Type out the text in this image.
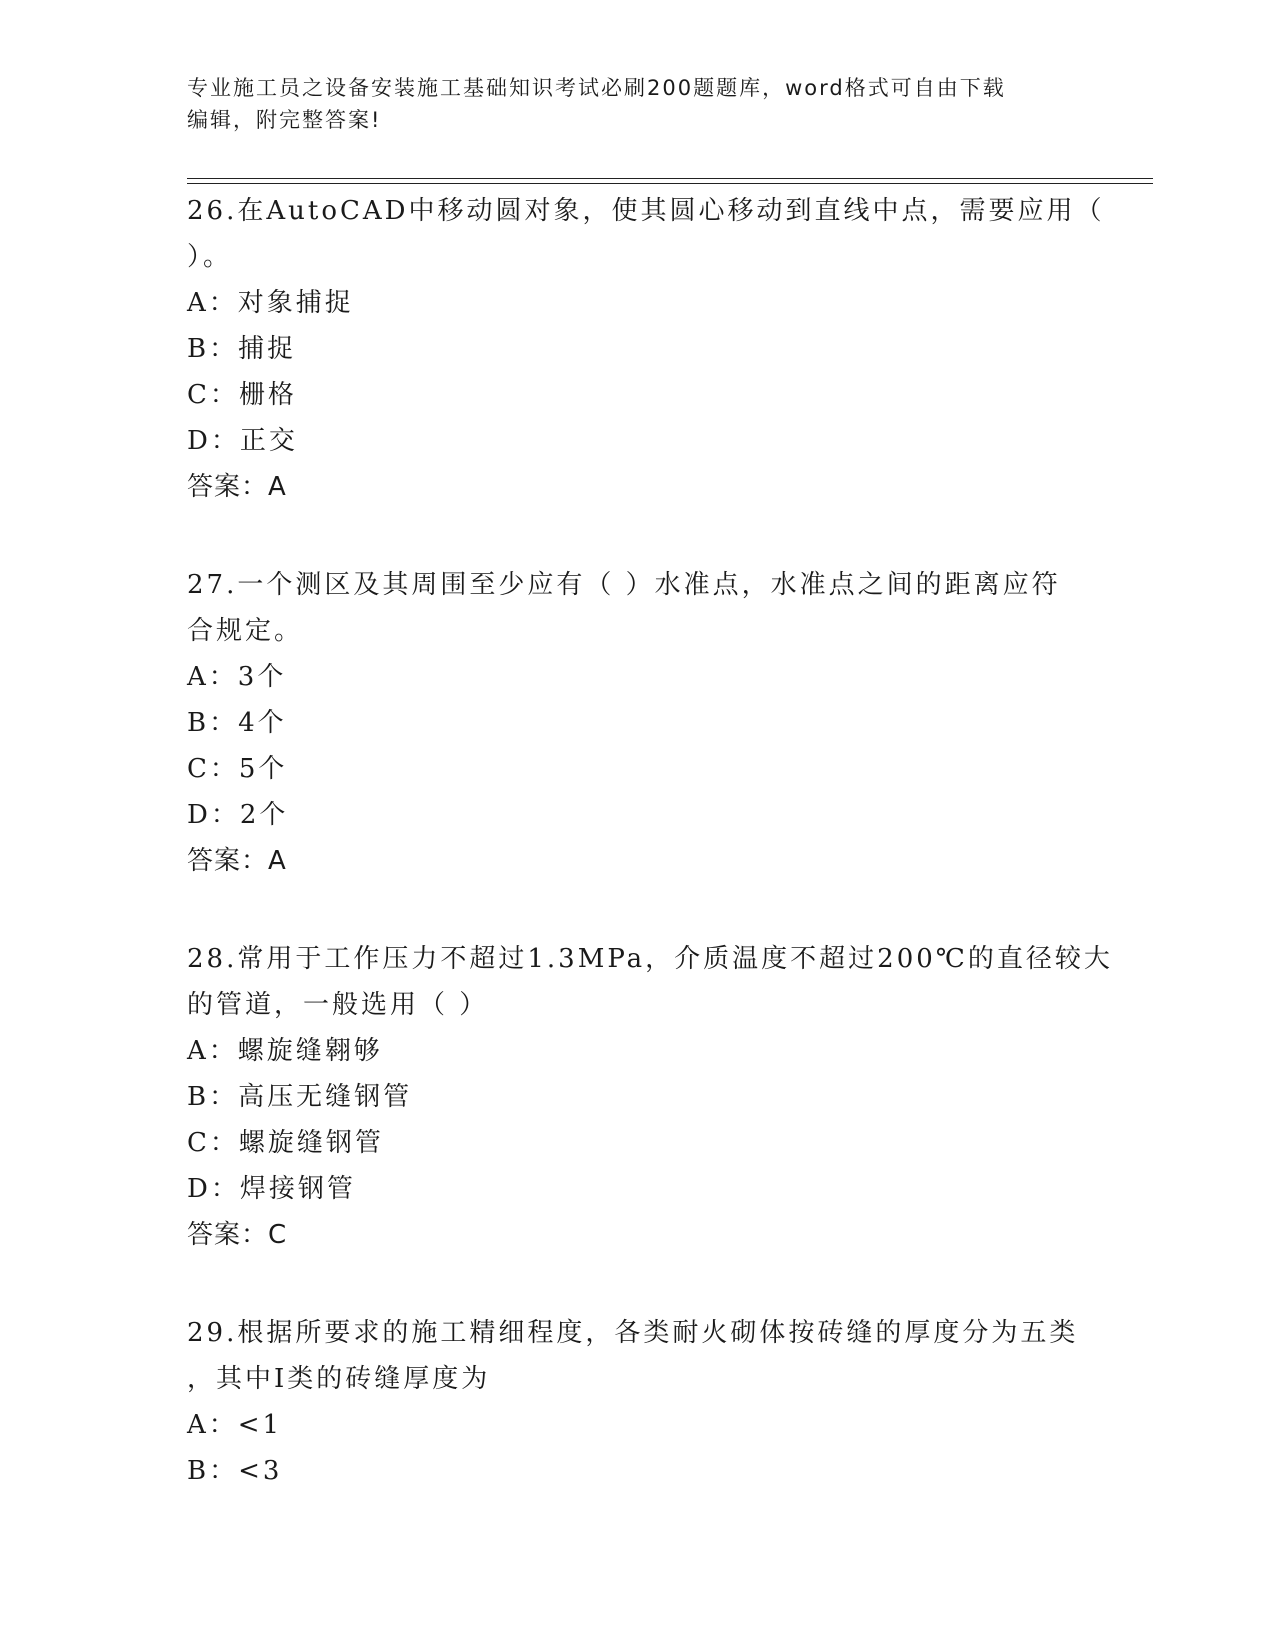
专业施工员之设备安装施工基础知识考试必刷200题题库，word格式可自由下载
编辑，附完整答案!
26.在AutoCAD中移动圆对象，使其圆心移动到直线中点，需要应用（
）。
A：对象捕捉
B：捕捉
C：栅格
D：正交
答案：A
27.一个测区及其周围至少应有（ ）水准点，水准点之间的距离应符
合规定。
A：3个
B：4个
C：5个
D：2个
答案：A
28.常用于工作压力不超过1.3MPa，介质温度不超过200℃的直径较大
的管道，一般选用（ ）
A：螺旋缝翱够
B：高压无缝钢管
C：螺旋缝钢管
D：焊接钢管
答案：C
29.根据所要求的施工精细程度，各类耐火砌体按砖缝的厚度分为五类
，其中I类的砖缝厚度为
A：<1
B：<3
